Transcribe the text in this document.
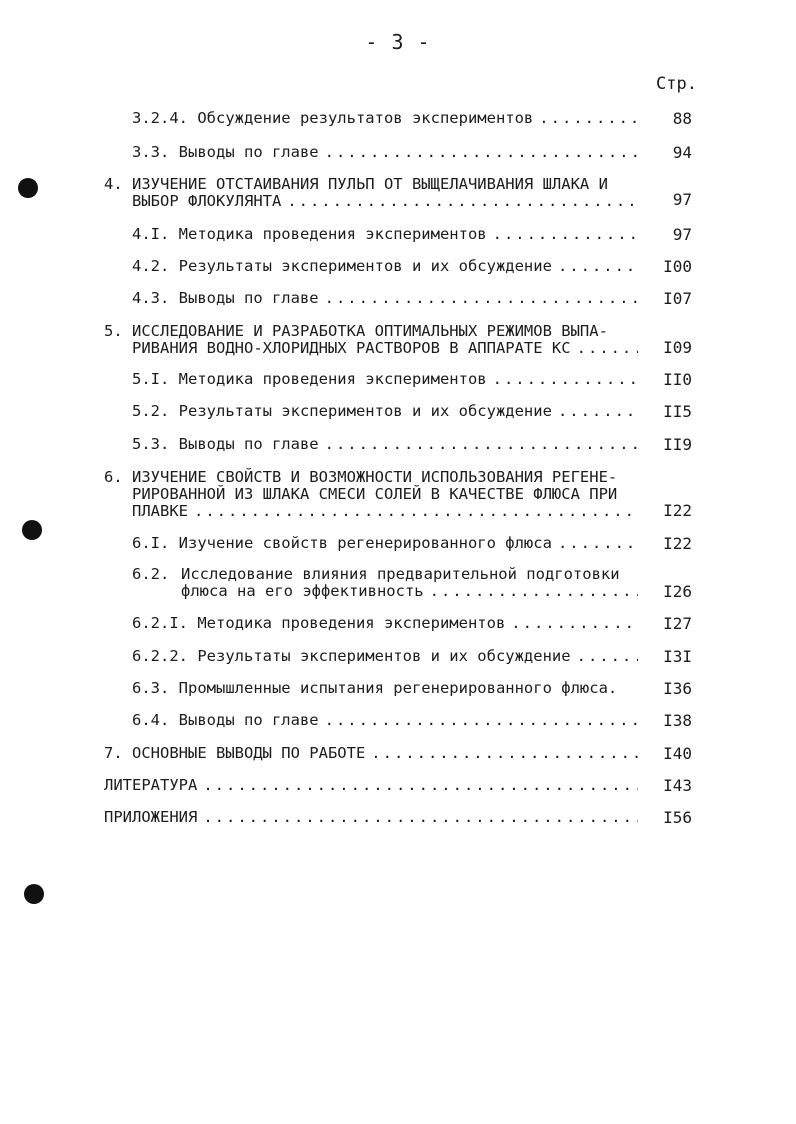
- 3 -
Стр.
3.2.4. Обсуждение результатов экспериментов .....	88
3.3. Выводы по главе .....	94
4. ИЗУЧЕНИЕ ОТСТАИВАНИЯ ПУЛЬП ОТ ВЫЩЕЛАЧИВАНИЯ ШЛАКА И
ВЫБОР ФЛОКУЛЯНТА .....	97
4.I. Методика проведения экспериментов .....	97
4.2. Результаты экспериментов и их обсуждение .....	I00
4.3. Выводы по главе .....	I07
5. ИССЛЕДОВАНИЕ И РАЗРАБОТКА ОПТИМАЛЬНЫХ РЕЖИМОВ ВЫПА-
РИВАНИЯ ВОДНО-ХЛОРИДНЫХ РАСТВОРОВ В АППАРАТЕ КС .....	I09
5.I. Методика проведения экспериментов .....	II0
5.2. Результаты экспериментов и их обсуждение .....	II5
5.3. Выводы по главе .....	II9
6. ИЗУЧЕНИЕ СВОЙСТВ И ВОЗМОЖНОСТИ ИСПОЛЬЗОВАНИЯ РЕГЕНЕ-
РИРОВАННОЙ ИЗ ШЛАКА СМЕСИ СОЛЕЙ В КАЧЕСТВЕ ФЛЮСА ПРИ
ПЛАВКЕ .....	I22
6.I. Изучение свойств регенерированного флюса .....	I22
6.2. Исследование влияния предварительной подготовки
флюса на его эффективность .....	I26
6.2.I. Методика проведения экспериментов .....	I27
6.2.2. Результаты экспериментов и их обсуждение .....	I3I
6.3. Промышленные испытания регенерированного флюса.	I36
6.4. Выводы по главе .....	I38
7. ОСНОВНЫЕ ВЫВОДЫ ПО РАБОТЕ .....	I40
ЛИТЕРАТУРА .....	I43
ПРИЛОЖЕНИЯ .....	I56
